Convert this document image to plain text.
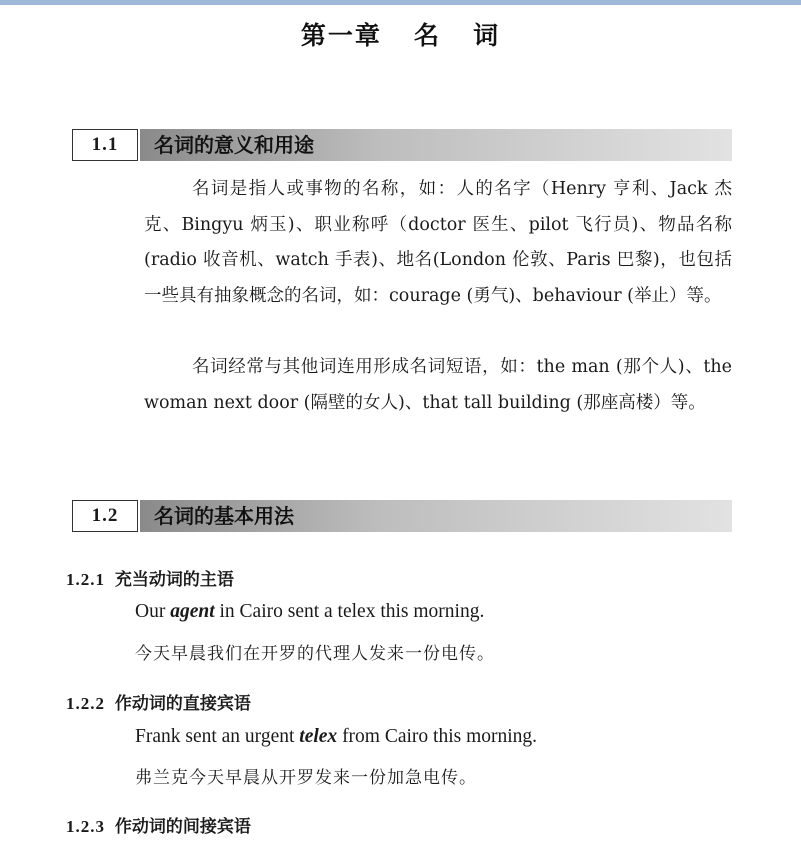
第一章   名   词
1.1	名词的意义和用途

名词是指人或事物的名称，如：人的名字（Henry 亨利、Jack 杰克、Bingyu 炳玉)、职业称呼（doctor 医生、pilot 飞行员)、物品名称(radio 收音机、watch 手表)、地名(London 伦敦、Paris 巴黎)，也包括一些具有抽象概念的名词，如：courage (勇气)、behaviour (举止）等。

名词经常与其他词连用形成名词短语，如：the man (那个人)、the woman next door (隔壁的女人)、that tall building (那座高楼）等。

1.2	名词的基本用法
1.2.1 充当动词的主语
Our agent in Cairo sent a telex this morning.
今天早晨我们在开罗的代理人发来一份电传。
1.2.2 作动词的直接宾语
Frank sent an urgent telex from Cairo this morning.
弗兰克今天早晨从开罗发来一份加急电传。
1.2.3 作动词的间接宾语
